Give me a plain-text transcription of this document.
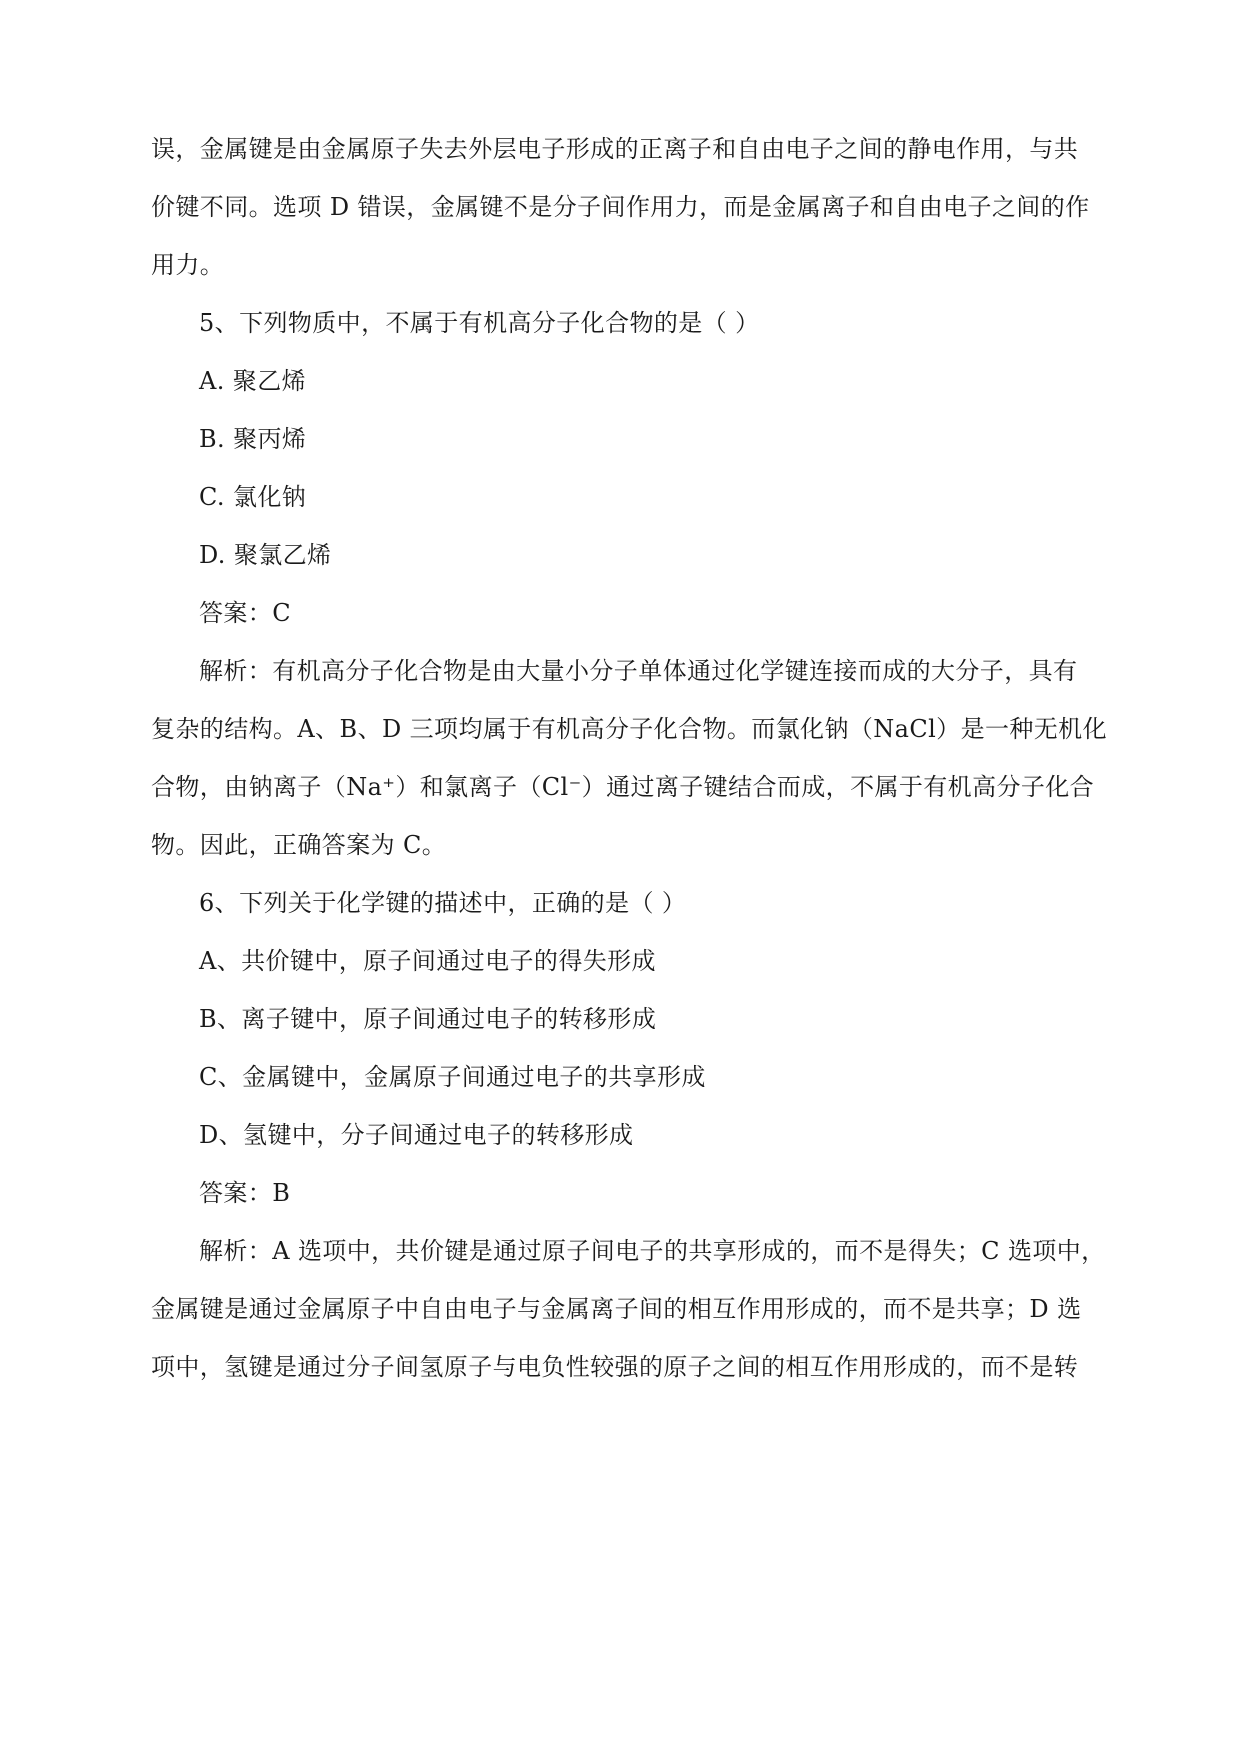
误，金属键是由金属原子失去外层电子形成的正离子和自由电子之间的静电作用，与共
价键不同。选项 D 错误，金属键不是分子间作用力，而是金属离子和自由电子之间的作
用力。
5、下列物质中，不属于有机高分子化合物的是（ ）
A. 聚乙烯
B. 聚丙烯
C. 氯化钠
D. 聚氯乙烯
答案：C
解析：有机高分子化合物是由大量小分子单体通过化学键连接而成的大分子，具有
复杂的结构。A、B、D 三项均属于有机高分子化合物。而氯化钠（NaCl）是一种无机化
合物，由钠离子（Na⁺）和氯离子（Cl⁻）通过离子键结合而成，不属于有机高分子化合
物。因此，正确答案为 C。
6、下列关于化学键的描述中，正确的是（ ）
A、共价键中，原子间通过电子的得失形成
B、离子键中，原子间通过电子的转移形成
C、金属键中，金属原子间通过电子的共享形成
D、氢键中，分子间通过电子的转移形成
答案：B
解析：A 选项中，共价键是通过原子间电子的共享形成的，而不是得失；C 选项中，
金属键是通过金属原子中自由电子与金属离子间的相互作用形成的，而不是共享；D 选
项中，氢键是通过分子间氢原子与电负性较强的原子之间的相互作用形成的，而不是转
